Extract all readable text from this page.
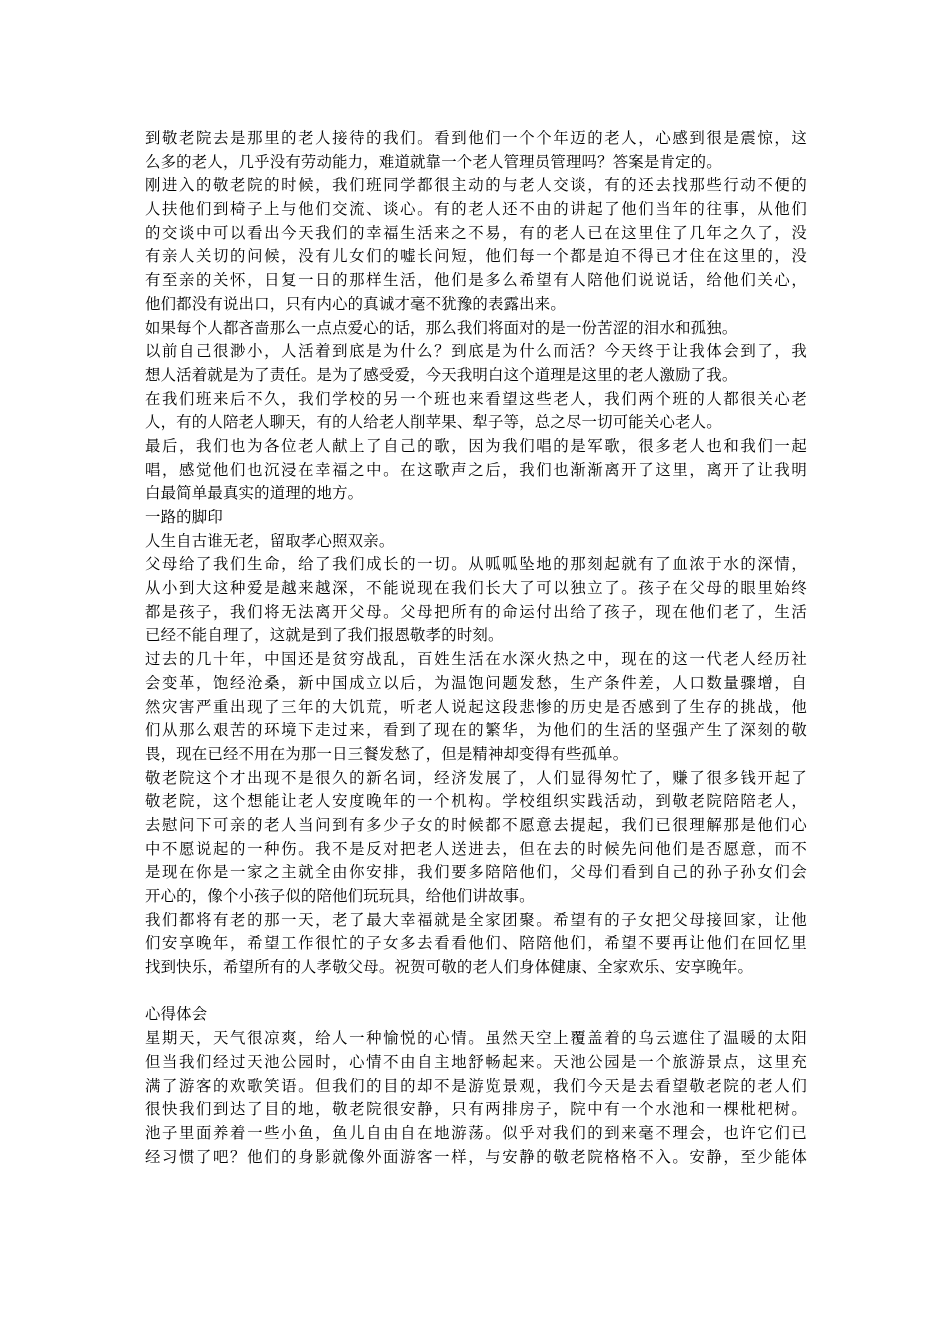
到敬老院去是那里的老人接待的我们。看到他们一个个年迈的老人，心感到很是震惊，这
么多的老人，几乎没有劳动能力，难道就靠一个老人管理员管理吗？答案是肯定的。
刚进入的敬老院的时候，我们班同学都很主动的与老人交谈，有的还去找那些行动不便的
人扶他们到椅子上与他们交流、谈心。有的老人还不由的讲起了他们当年的往事，从他们
的交谈中可以看出今天我们的幸福生活来之不易，有的老人已在这里住了几年之久了，没
有亲人关切的问候，没有儿女们的嘘长问短，他们每一个都是迫不得已才住在这里的，没
有至亲的关怀，日复一日的那样生活，他们是多么希望有人陪他们说说话，给他们关心，
他们都没有说出口，只有内心的真诚才毫不犹豫的表露出来。
如果每个人都吝啬那么一点点爱心的话，那么我们将面对的是一份苦涩的泪水和孤独。
以前自己很渺小，人活着到底是为什么？到底是为什么而活？今天终于让我体会到了，我
想人活着就是为了责任。是为了感受爱，今天我明白这个道理是这里的老人激励了我。
在我们班来后不久，我们学校的另一个班也来看望这些老人，我们两个班的人都很关心老
人，有的人陪老人聊天，有的人给老人削苹果、犁子等，总之尽一切可能关心老人。
最后，我们也为各位老人献上了自己的歌，因为我们唱的是军歌，很多老人也和我们一起
唱，感觉他们也沉浸在幸福之中。在这歌声之后，我们也渐渐离开了这里，离开了让我明
白最简单最真实的道理的地方。
一路的脚印
人生自古谁无老，留取孝心照双亲。
父母给了我们生命，给了我们成长的一切。从呱呱坠地的那刻起就有了血浓于水的深情，
从小到大这种爱是越来越深，不能说现在我们长大了可以独立了。孩子在父母的眼里始终
都是孩子，我们将无法离开父母。父母把所有的命运付出给了孩子，现在他们老了，生活
已经不能自理了，这就是到了我们报恩敬孝的时刻。
过去的几十年，中国还是贫穷战乱，百姓生活在水深火热之中，现在的这一代老人经历社
会变革，饱经沧桑，新中国成立以后，为温饱问题发愁，生产条件差，人口数量骤增，自
然灾害严重出现了三年的大饥荒，听老人说起这段悲惨的历史是否感到了生存的挑战，他
们从那么艰苦的环境下走过来，看到了现在的繁华，为他们的生活的坚强产生了深刻的敬
畏，现在已经不用在为那一日三餐发愁了，但是精神却变得有些孤单。
敬老院这个才出现不是很久的新名词，经济发展了，人们显得匆忙了，赚了很多钱开起了
敬老院，这个想能让老人安度晚年的一个机构。学校组织实践活动，到敬老院陪陪老人，
去慰问下可亲的老人当问到有多少子女的时候都不愿意去提起，我们已很理解那是他们心
中不愿说起的一种伤。我不是反对把老人送进去，但在去的时候先问他们是否愿意，而不
是现在你是一家之主就全由你安排，我们要多陪陪他们，父母们看到自己的孙子孙女们会
开心的，像个小孩子似的陪他们玩玩具，给他们讲故事。
我们都将有老的那一天，老了最大幸福就是全家团聚。希望有的子女把父母接回家，让他
们安享晚年，希望工作很忙的子女多去看看他们、陪陪他们，希望不要再让他们在回忆里
找到快乐，希望所有的人孝敬父母。祝贺可敬的老人们身体健康、全家欢乐、安享晚年。
心得体会
星期天，天气很凉爽，给人一种愉悦的心情。虽然天空上覆盖着的乌云遮住了温暖的太阳
但当我们经过天池公园时，心情不由自主地舒畅起来。天池公园是一个旅游景点，这里充
满了游客的欢歌笑语。但我们的目的却不是游览景观，我们今天是去看望敬老院的老人们
很快我们到达了目的地，敬老院很安静，只有两排房子，院中有一个水池和一棵枇杷树。
池子里面养着一些小鱼，鱼儿自由自在地游荡。似乎对我们的到来毫不理会，也许它们已
经习惯了吧？他们的身影就像外面游客一样，与安静的敬老院格格不入。安静，至少能体
